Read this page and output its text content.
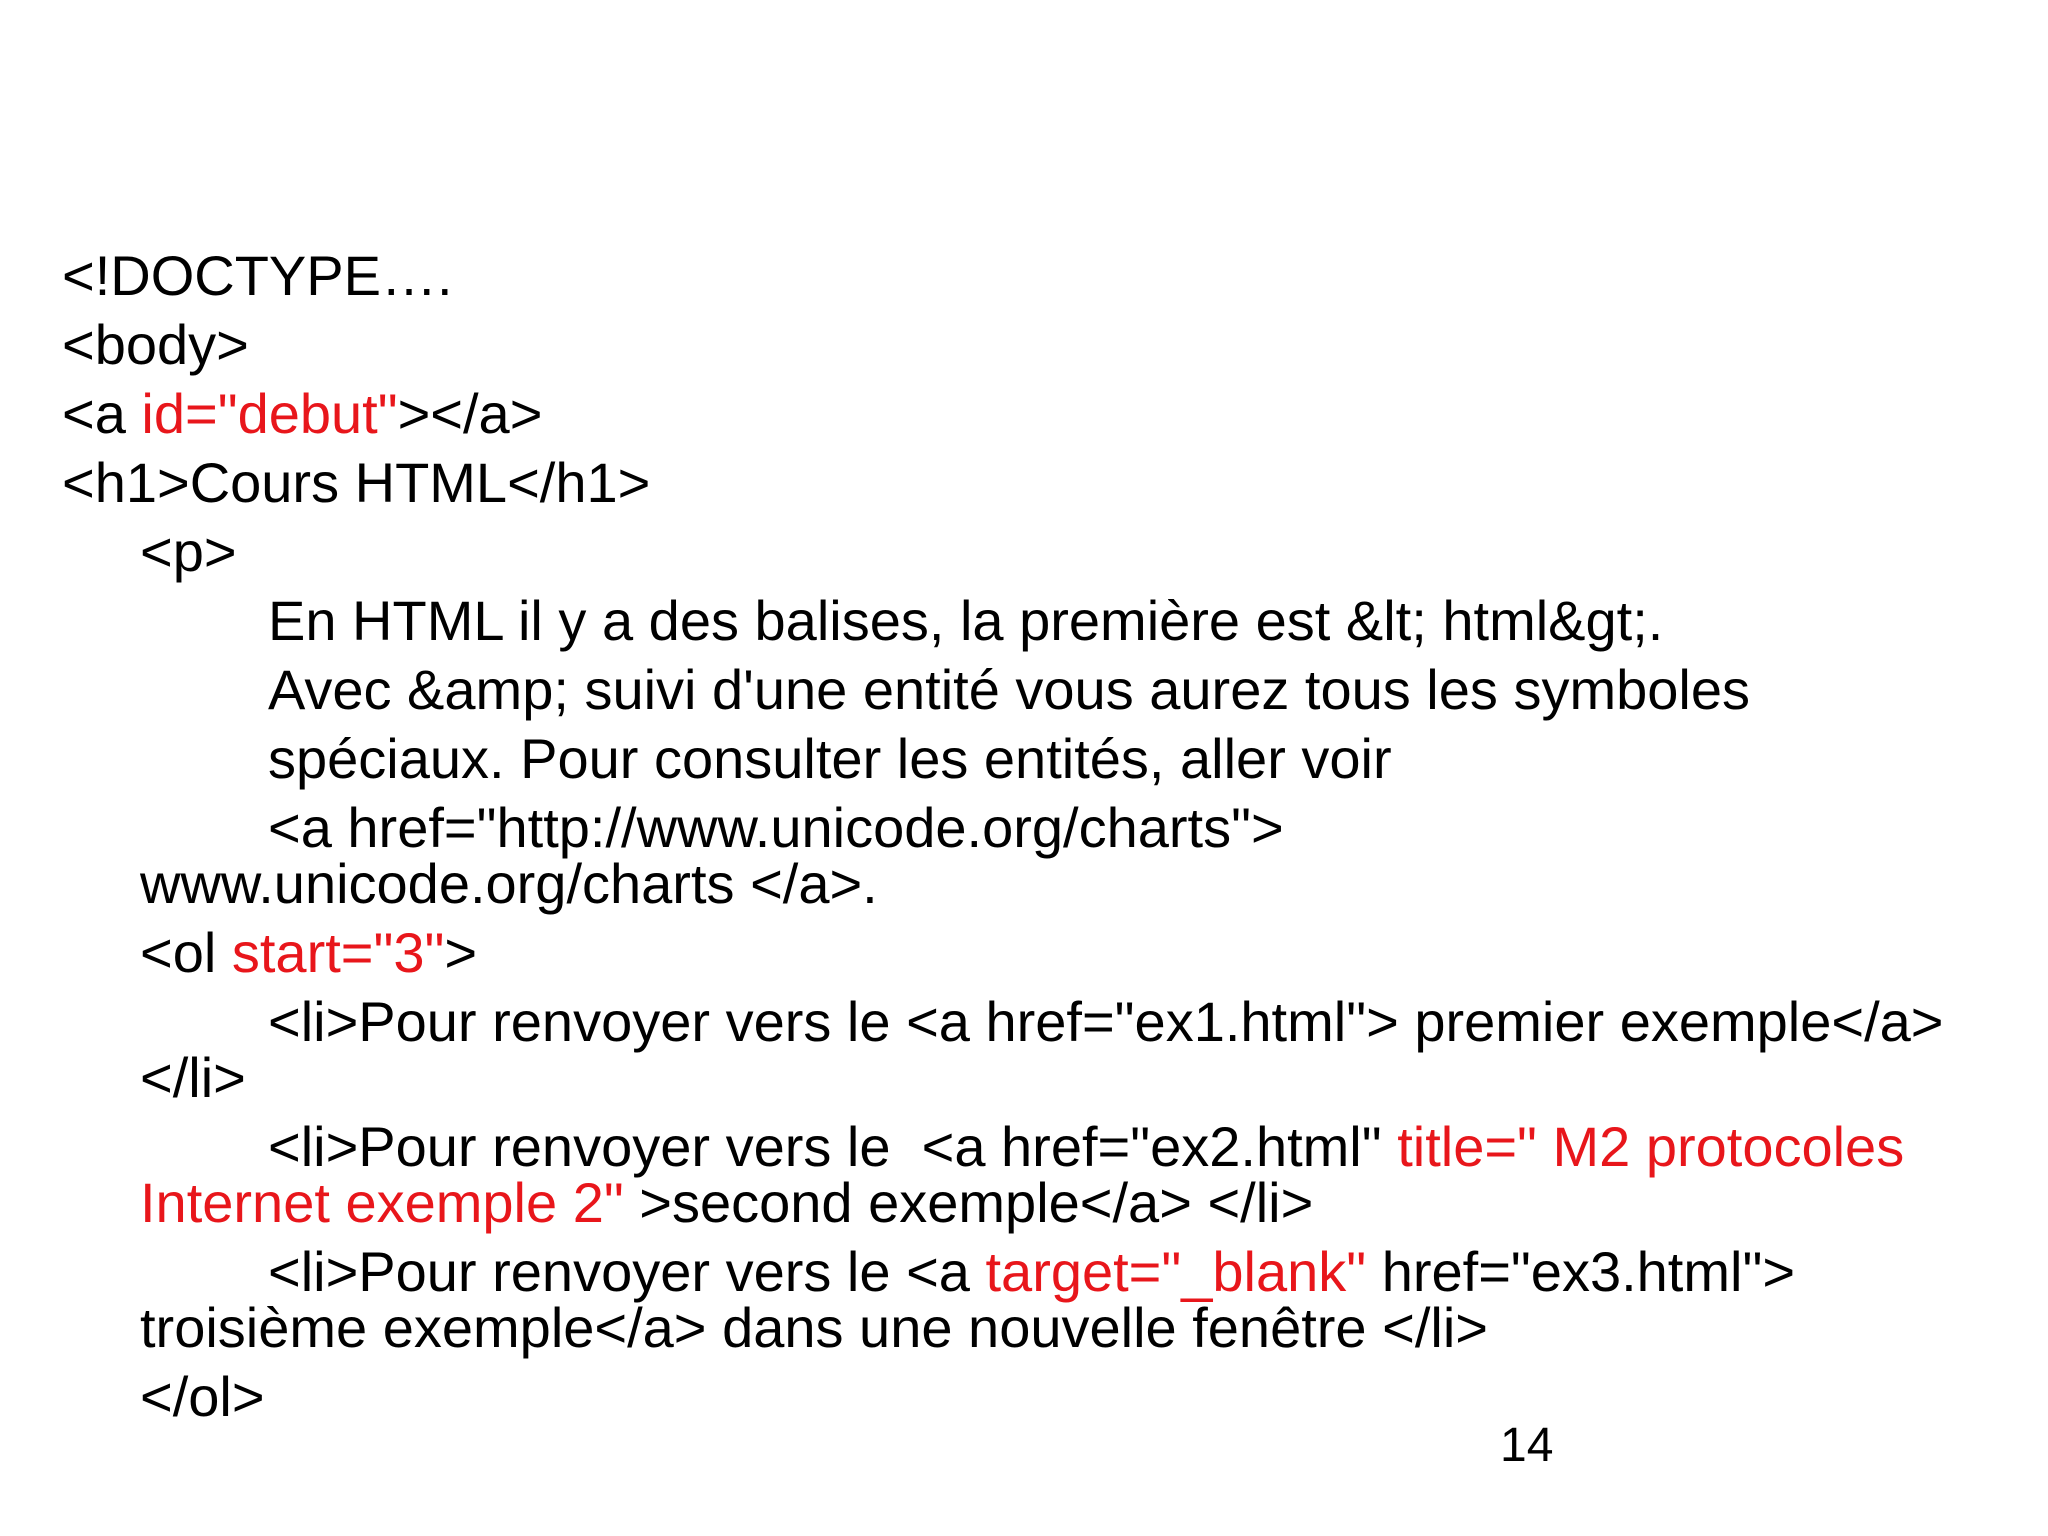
<!DOCTYPE….
<body>
<a id="debut"></a>
<h1>Cours HTML</h1>
<p>
En HTML il y a des balises, la première est &lt; html&gt;.
Avec &amp; suivi d'une entité vous aurez tous les symboles
spéciaux. Pour consulter les entités, aller voir
<a href="http://www.unicode.org/charts">
www.unicode.org/charts </a>.
<ol start="3">
<li>Pour renvoyer vers le <a href="ex1.html"> premier exemple</a>
</li>
<li>Pour renvoyer vers le  <a href="ex2.html" title=" M2 protocoles
Internet exemple 2" >second exemple</a> </li>
<li>Pour renvoyer vers le <a target="_blank" href="ex3.html">
troisième exemple</a> dans une nouvelle fenêtre </li>
</ol>
14
